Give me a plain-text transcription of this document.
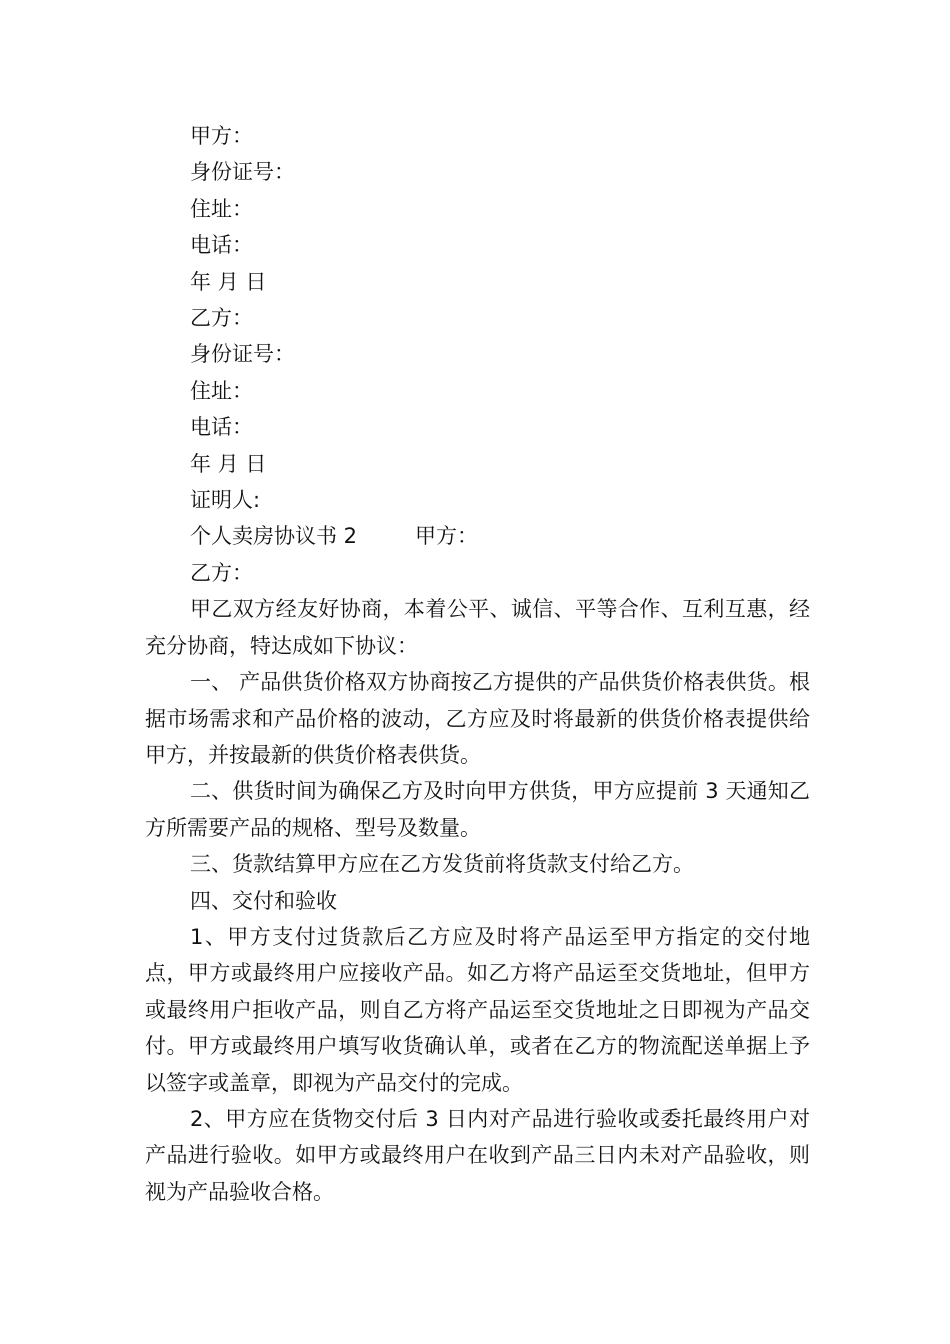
甲方：

身份证号：

住址：

电话：

年 月 日

乙方：

身份证号：

住址：

电话：

年 月 日

证明人:

个人卖房协议书 2	甲方：

乙方：

甲乙双方经友好协商，本着公平、诚信、平等合作、互利互惠，经充分协商，特达成如下协议：

一、 产品供货价格双方协商按乙方提供的产品供货价格表供货。根据市场需求和产品价格的波动，乙方应及时将最新的供货价格表提供给甲方，并按最新的供货价格表供货。

二、供货时间为确保乙方及时向甲方供货，甲方应提前 3 天通知乙方所需要产品的规格、型号及数量。

三、货款结算甲方应在乙方发货前将货款支付给乙方。

四、交付和验收

1、甲方支付过货款后乙方应及时将产品运至甲方指定的交付地点，甲方或最终用户应接收产品。如乙方将产品运至交货地址，但甲方或最终用户拒收产品，则自乙方将产品运至交货地址之日即视为产品交付。甲方或最终用户填写收货确认单，或者在乙方的物流配送单据上予以签字或盖章，即视为产品交付的完成。

2、甲方应在货物交付后 3 日内对产品进行验收或委托最终用户对产品进行验收。如甲方或最终用户在收到产品三日内未对产品验收，则视为产品验收合格。
